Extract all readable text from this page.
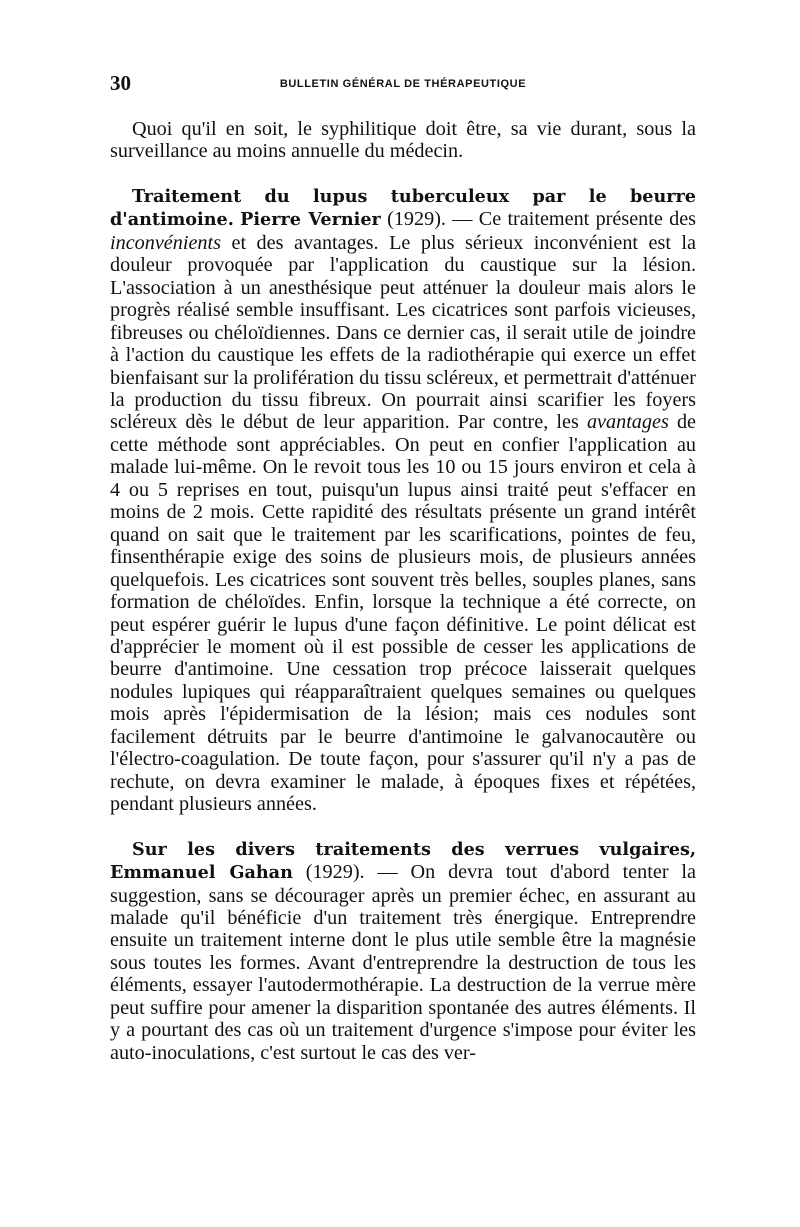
30	BULLETIN GÉNÉRAL DE THÉRAPEUTIQUE

Quoi qu'il en soit, le syphilitique doit être, sa vie durant, sous la surveillance au moins annuelle du médecin.

Traitement du lupus tuberculeux par le beurre d'antimoine. Pierre Vernier (1929). — Ce traitement présente des inconvénients et des avantages. Le plus sérieux inconvénient est la douleur provoquée par l'application du caustique sur la lésion. L'association à un anesthésique peut atténuer la douleur mais alors le progrès réalisé semble insuffisant. Les cicatrices sont parfois vicieuses, fibreuses ou chéloïdiennes. Dans ce dernier cas, il serait utile de joindre à l'action du caustique les effets de la radiothérapie qui exerce un effet bienfaisant sur la prolifération du tissu scléreux, et permettrait d'atténuer la production du tissu fibreux. On pourrait ainsi scarifier les foyers scléreux dès le début de leur apparition. Par contre, les avantages de cette méthode sont appréciables. On peut en confier l'application au malade lui-même. On le revoit tous les 10 ou 15 jours environ et cela à 4 ou 5 reprises en tout, puisqu'un lupus ainsi traité peut s'effacer en moins de 2 mois. Cette rapidité des résultats présente un grand intérêt quand on sait que le traitement par les scarifications, pointes de feu, finsenthérapie exige des soins de plusieurs mois, de plusieurs années quelquefois. Les cicatrices sont souvent très belles, souples planes, sans formation de chéloïdes. Enfin, lorsque la technique a été correcte, on peut espérer guérir le lupus d'une façon définitive. Le point délicat est d'apprécier le moment où il est possible de cesser les applications de beurre d'antimoine. Une cessation trop précoce laisserait quelques nodules lupiques qui réapparaîtraient quelques semaines ou quelques mois après l'épidermisation de la lésion; mais ces nodules sont facilement détruits par le beurre d'antimoine le galvanocautère ou l'électro-coagulation. De toute façon, pour s'assurer qu'il n'y a pas de rechute, on devra examiner le malade, à époques fixes et répétées, pendant plusieurs années.

Sur les divers traitements des verrues vulgaires, Emmanuel Gahan (1929). — On devra tout d'abord tenter la suggestion, sans se décourager après un premier échec, en assurant au malade qu'il bénéficie d'un traitement très énergique. Entreprendre ensuite un traitement interne dont le plus utile semble être la magnésie sous toutes les formes. Avant d'entreprendre la destruction de tous les éléments, essayer l'autodermothérapie. La destruction de la verrue mère peut suffire pour amener la disparition spontanée des autres éléments. Il y a pourtant des cas où un traitement d'urgence s'impose pour éviter les auto-inoculations, c'est surtout le cas des ver-
